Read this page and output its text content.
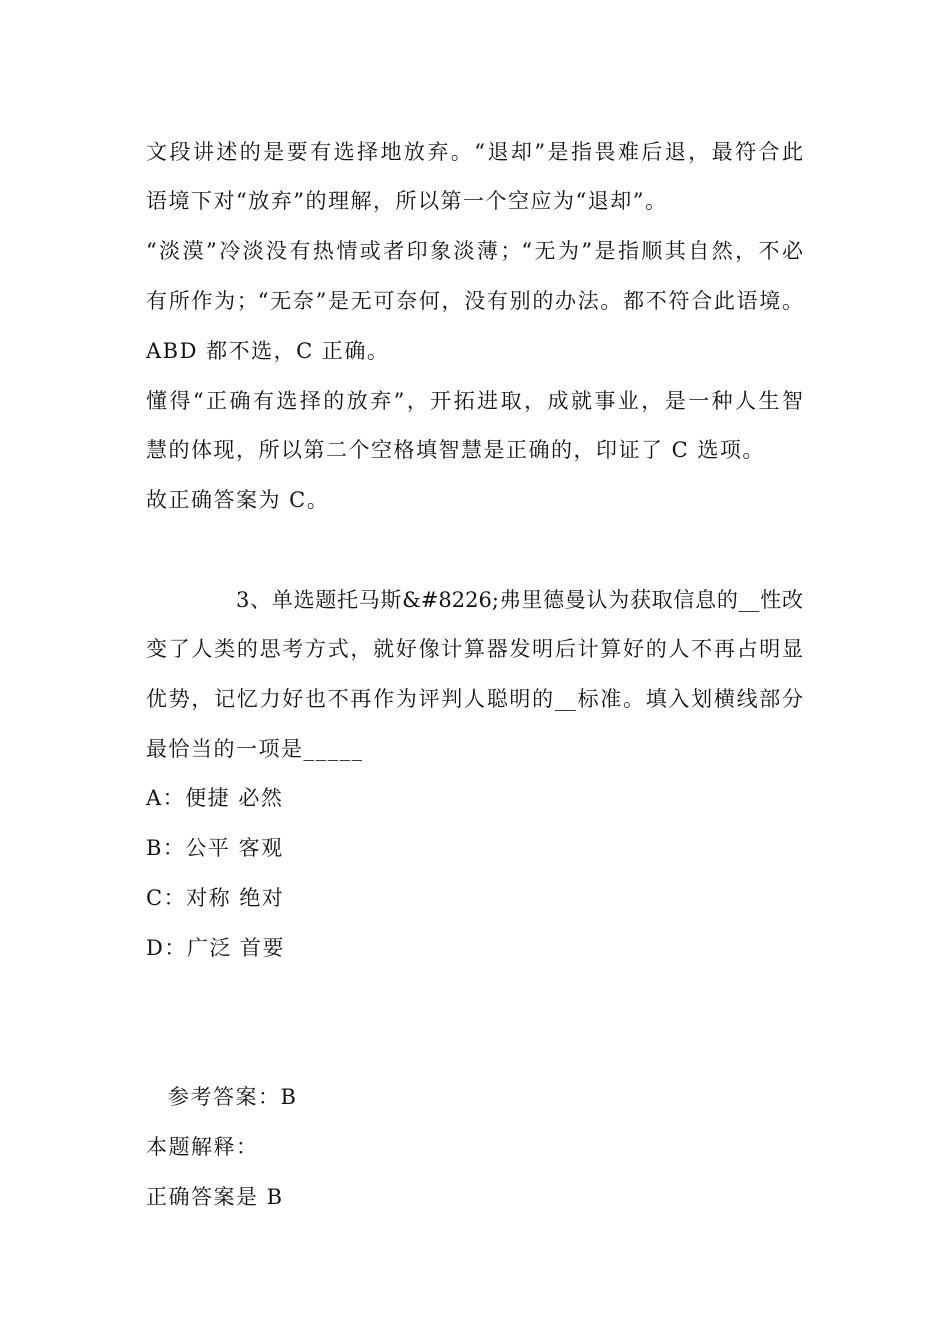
文段讲述的是要有选择地放弃。“退却”是指畏难后退，最符合此
语境下对“放弃”的理解，所以第一个空应为“退却”。
“淡漠”冷淡没有热情或者印象淡薄；“无为”是指顺其自然，不必
有所作为；“无奈”是无可奈何，没有别的办法。都不符合此语境。
ABD 都不选，C 正确。
懂得“正确有选择的放弃”，开拓进取，成就事业，是一种人生智
慧的体现，所以第二个空格填智慧是正确的，印证了 C 选项。
故正确答案为 C。
3、单选题托马斯&#8226;弗里德曼认为获取信息的__性改
变了人类的思考方式，就好像计算器发明后计算好的人不再占明显
优势，记忆力好也不再作为评判人聪明的__标准。填入划横线部分
最恰当的一项是_____
A：便捷 必然
B：公平 客观
C：对称 绝对
D：广泛 首要
参考答案：B
本题解释：
正确答案是 B
